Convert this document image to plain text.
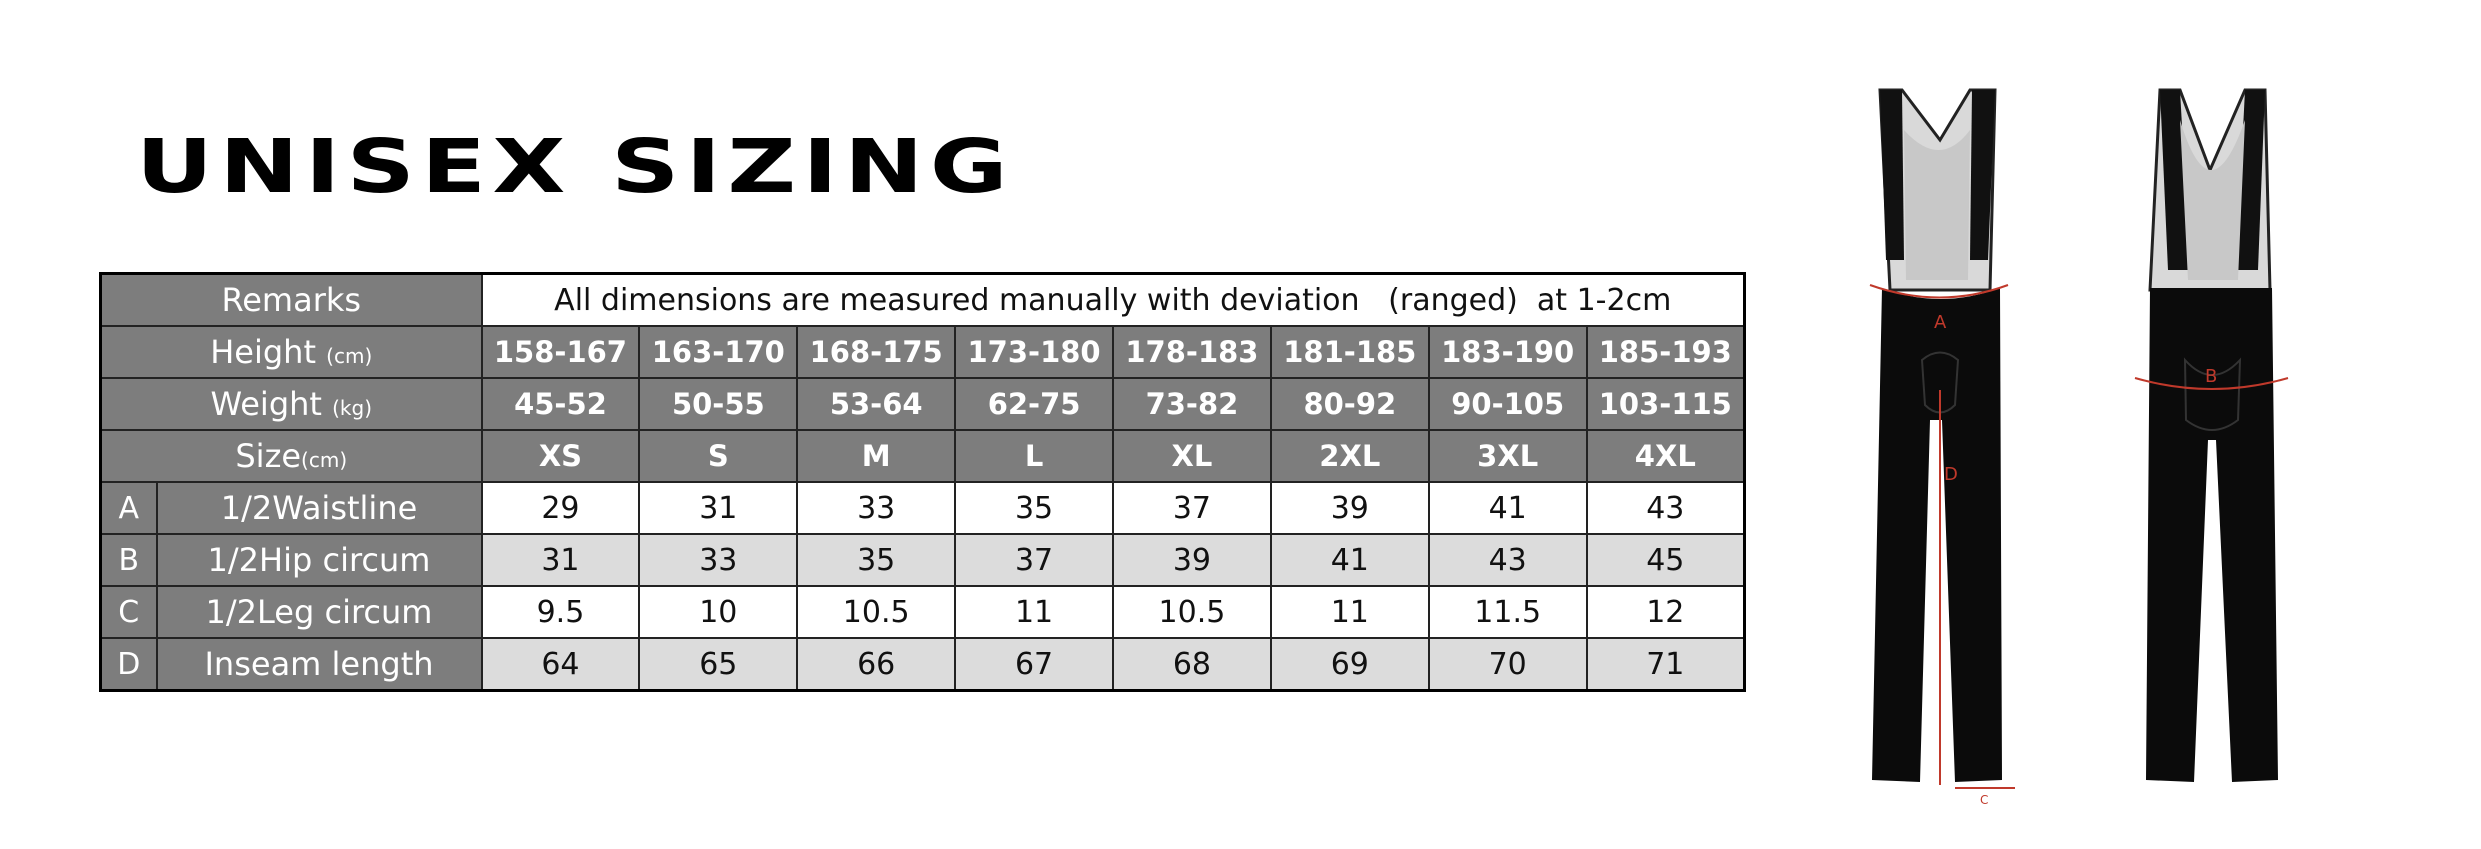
UNISEX SIZING
Remarks		All dimensions are measured manually with deviation   (ranged)  at 1-2cm							
Height (cm)		158-167	163-170	168-175	173-180	178-183	181-185	183-190	185-193
Weight (kg)		45-52	50-55	53-64	62-75	73-82	80-92	90-105	103-115
Size(cm)		XS	S	M	L	XL	2XL	3XL	4XL
A	1/2Waistline	29	31	33	35	37	39	41	43
B	1/2Hip circum	31	33	35	37	39	41	43	45
C	1/2Leg circum	9.5	10	10.5	11	10.5	11	11.5	12
D	Inseam length	64	65	66	67	68	69	70	71
A
D
C
B
